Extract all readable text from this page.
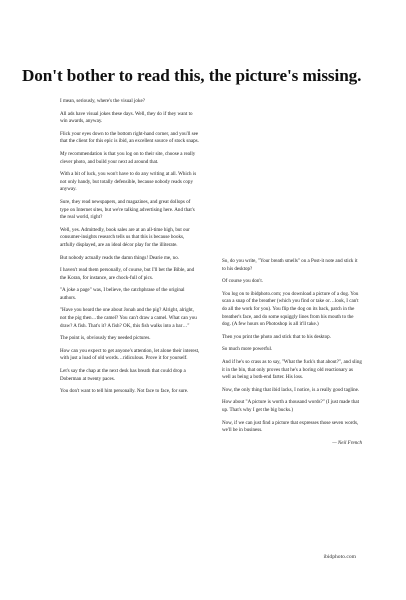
Don't bother to read this, the picture's missing.

I mean, seriously, where's the visual joke?

All ads have visual jokes these days. Well, they do if they want to win awards, anyway.

Flick your eyes down to the bottom right-hand corner, and you'll see that the client for this epic is ibid, an excellent source of stock snaps.

My recommendation is that you log on to their site, choose a really clever photo, and build your next ad around that.

With a bit of luck, you won't have to do any writing at all. Which is not only handy, but totally defensible, because nobody reads copy anyway.

Sure, they read newspapers, and magazines, and great dollops of type on Internet sites, but we're talking advertising here. And that's the real world, right?

Well, yes. Admittedly, book sales are at an all-time high, but our consumer-insights research tells us that this is because books, artfully displayed, are an ideal décor play for the illiterate.

But nobody actually reads the damn things! Dearie me, no.

I haven't read them personally, of course, but I'll bet the Bible, and the Koran, for instance, are chock-full of pics.

"A joke a page" was, I believe, the catchphrase of the original authors.

"Have you heard the one about Jonah and the pig? Alright, alright, not the pig then…the camel? You can't draw a camel. What can you draw? A fish. That's it? A fish? OK, this fish walks into a bar…"

The point is, obviously they needed pictures.

How can you expect to get anyone's attention, let alone their interest, with just a load of old words…ridiculous. Prove it for yourself.

Let's say the chap at the next desk has breath that could drop a Doberman at twenty paces.

You don't want to tell him personally. Not face to face, for sure.

So, do you write, "Your breath smells" on a Post-it note and stick it to his desktop?

Of course you don't.

You log on to ibidphoto.com; you download a picture of a dog. You scan a snap of the breather (which you find or take or…look, I can't do all the work for you). You flip the dog on its back, patch in the breather's face, and do some squiggly lines from his mouth to the dog. (A few hours on Photoshop is all it'll take.)

Then you print the photo and stick that to his desktop.

So much more powerful.

And if he's so crass as to say, "What the fuck's that about?", and sling it in the bin, that only proves that he's a boring old reactionary as well as being a both-end farter. His loss.

Now, the only thing that ibid lacks, I notice, is a really good tagline.

How about "A picture is worth a thousand words?" (I just made that up. That's why I get the big bucks.)

Now, if we can just find a picture that expresses those seven words, we'll be in business.

— Neil French

ibidphoto.com
